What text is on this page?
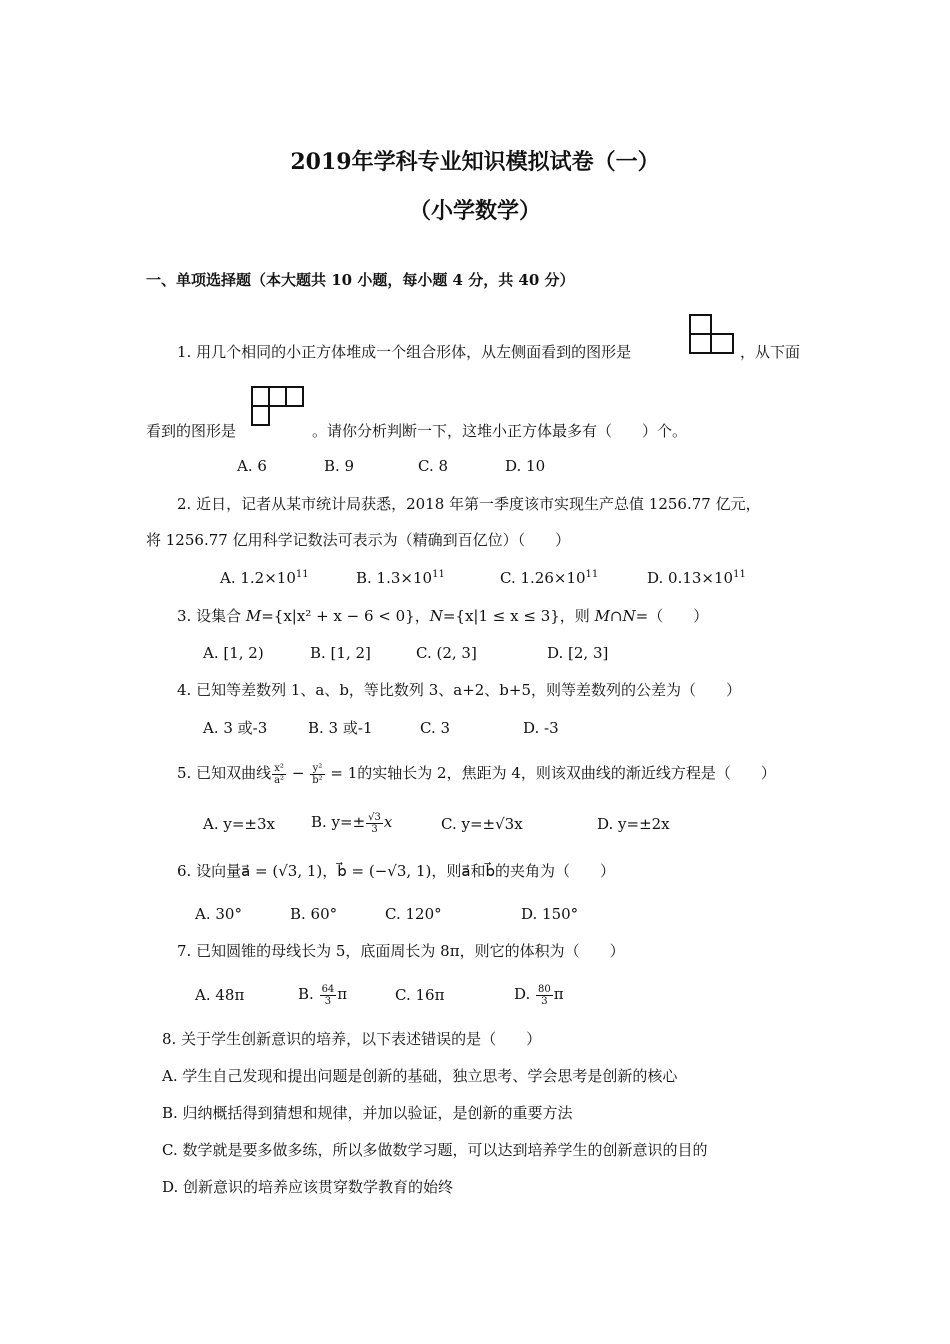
2019年学科专业知识模拟试卷（一）
（小学数学）
一、单项选择题（本大题共 10 小题，每小题 4 分，共 40 分）
1. 用几个相同的小正方体堆成一个组合形体，从左侧面看到的图形是	，从下面
看到的图形是	。请你分析判断一下，这堆小正方体最多有（　　）个。
A. 6	B. 9	C. 8	D. 10
2. 近日，记者从某市统计局获悉，2018 年第一季度该市实现生产总值 1256.77 亿元，
将 1256.77 亿用科学记数法可表示为（精确到百亿位）（　　）
A. $1.2\times 10^{11}$	B. $1.3\times 10^{11}$	C. $1.26\times 10^{11}$	D. $0.13\times 10^{11}$
3. 设集合 M={x|x² + x − 6 < 0}，N={x|1 ≤ x ≤ 3}，则 M∩N=（　　）
A. [1, 2)	B. [1, 2]	C. (2, 3]	D. [2, 3]
4. 已知等差数列 1、a、b，等比数列 3、a+2、b+5，则等差数列的公差为（　　）
A. 3 或-3	B. 3 或-1	C. 3	D. -3
5. 已知双曲线 $\frac{\text{x²}}{\text{a²}} - \frac{\text{y²}}{\text{b²}} = 1$的实轴长为 2，焦距为 4，则该双曲线的渐近线方程是（　　）
A. y=±3x B. $y=\pm \frac{√3}{3}$ x	C. y=±√3x	D. y=±2x
6. 设向量a⃗ = (√3, 1)，b⃗ = (−√3, 1)，则a⃗和b⃗的夹角为（　　）
A. 30°	B. 60°	C. 120°	D. 150°
7. 已知圆锥的母线长为 5，底面周长为 8π，则它的体积为（　　）
A. 48π	B. $\frac{64}{3}$ π	C. 16π	D. $\frac{80}{3}$ π
8. 关于学生创新意识的培养，以下表述错误的是（　　）
A. 学生自己发现和提出问题是创新的基础，独立思考、学会思考是创新的核心
B. 归纳概括得到猜想和规律，并加以验证，是创新的重要方法
C. 数学就是要多做多练，所以多做数学习题，可以达到培养学生的创新意识的目的
D. 创新意识的培养应该贯穿数学教育的始终
